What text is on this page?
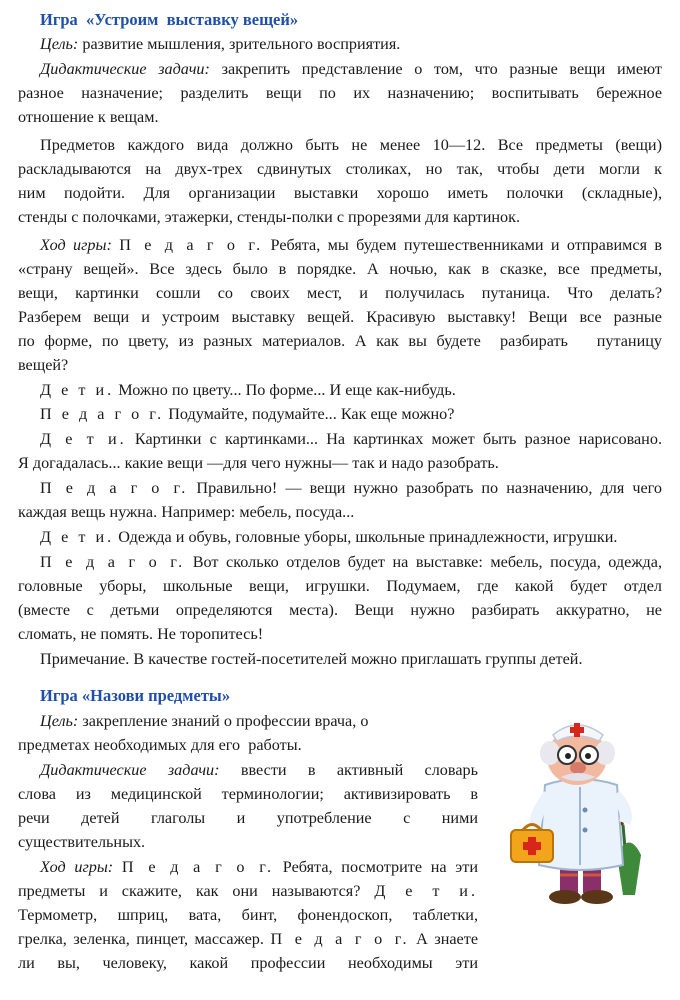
Игра  «Устроим  выставку вещей»
Цель: развитие мышления, зрительного восприятия.
Дидактические задачи: закрепить представление о том, что разные вещи имеют
разное назначение; разделить вещи по их назначению; воспитывать бережное
отношение к вещам.
Предметов каждого вида должно быть не менее 10—12. Все предметы (вещи)
раскладываются на двух-трех сдвинутых столиках, но так, чтобы дети могли к
ним подойти. Для организации выставки хорошо иметь полочки (складные),
стенды с полочками, этажерки, стенды-полки с прорезями для картинок.
Ход игры: П е д а г о г. Ребята, мы будем путешественниками и отправимся в
«страну вещей». Все здесь было в порядке. А ночью, как в сказке, все предметы,
вещи, картинки сошли со своих мест, и получилась путаница. Что делать?
Разберем вещи и устроим выставку вещей. Красивую выставку! Вещи все разные
по форме, по цвету, из разных материалов. А как вы будете  разбирать   путаницу
вещей?
Д е т и. Можно по цвету... По форме... И еще как-нибудь.
П е д а г о г. Подумайте, подумайте... Как еще можно?
Д е т и. Картинки с картинками... На картинках может быть разное нарисовано.
Я догадалась... какие вещи —для чего нужны— так и надо разобрать.
П е д а г о г. Правильно! — вещи нужно разобрать по назначению, для чего
каждая вещь нужна. Например: мебель, посуда...
Д е т и. Одежда и обувь, головные уборы, школьные принадлежности, игрушки.
П е д а г о г. Вот сколько отделов будет на выставке: мебель, посуда, одежда,
головные уборы, школьные вещи, игрушки. Подумаем, где какой будет отдел
(вместе с детьми определяются места). Вещи нужно разбирать аккуратно, не
сломать, не помять. Не торопитесь!
Примечание. В качестве гостей-посетителей можно приглашать группы детей.
Игра «Назови предметы»
Цель: закрепление знаний о профессии врача, о
предметах необходимых для его  работы.
Дидактические задачи: ввести в активный словарь
слова из медицинской терминологии; активизировать в
речи детей глаголы и употребление с ними
существительных.
Ход игры: П е д а г о г. Ребята, посмотрите на эти
предметы и скажите, как они называются? Д е т и.
Термометр, шприц, вата, бинт, фонендоскоп, таблетки,
грелка, зеленка, пинцет, массажер. П е д а г о г. А знаете
ли вы, человеку, какой профессии необходимы эти
